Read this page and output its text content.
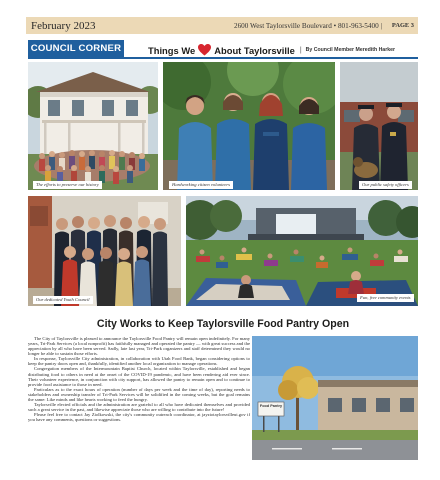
February 2023	2600 West Taylorsville Boulevard • 801-963-5400 | PAGE 3
COUNCIL CORNER	Things We About Taylorsville | By Council Member Meredith Harker
The efforts to preserve our history	Hardworking citizen volunteers	Our public safety officers
Our dedicated Youth Council	Fun, free community events
City Works to Keep Taylorsville Food Pantry Open

The City of Taylorsville is pleased to announce the Taylorsville Food Pantry will remain open indefinitely. For many years, Tri-Park Services (a local nonprofit) has faithfully managed and operated the pantry — with great success and the appreciation by all who have been served. Sadly, late last year, Tri-Park organizers and staff determined they would no longer be able to sustain those efforts.

In response, Taylorsville City administration, in collaboration with Utah Food Bank, began considering options to keep the pantry doors open and, thankfully, identified another local organization to manage operations.

Congregation members of the Intermountain Baptist Church, located within Taylorsville, established and began distributing food to others in need at the onset of the COVID-19 pandemic, and have been rendering aid ever since. Their volunteer experience, in conjunction with city support, has allowed the pantry to remain open and to continue to provide food assistance to those in need.

Particulars as to the exact hours of operation (number of days per week and the time of day), reporting needs to stakeholders and ownership transfer of Tri-Park Services will be solidified in the coming weeks, but the goal remains the same: Like minds and like hearts working to feed the hungry.

Taylorsville elected officials and the administration are grateful to all who have dedicated themselves and provided such a great service in the past, and likewise appreciate those who are willing to contribute into the future!

Please feel free to contact Jay Ziolkowski, the city's community outreach coordinator, at jayziotaylorsvilleut.gov if you have any comments, questions or suggestions.

Food Pantry
